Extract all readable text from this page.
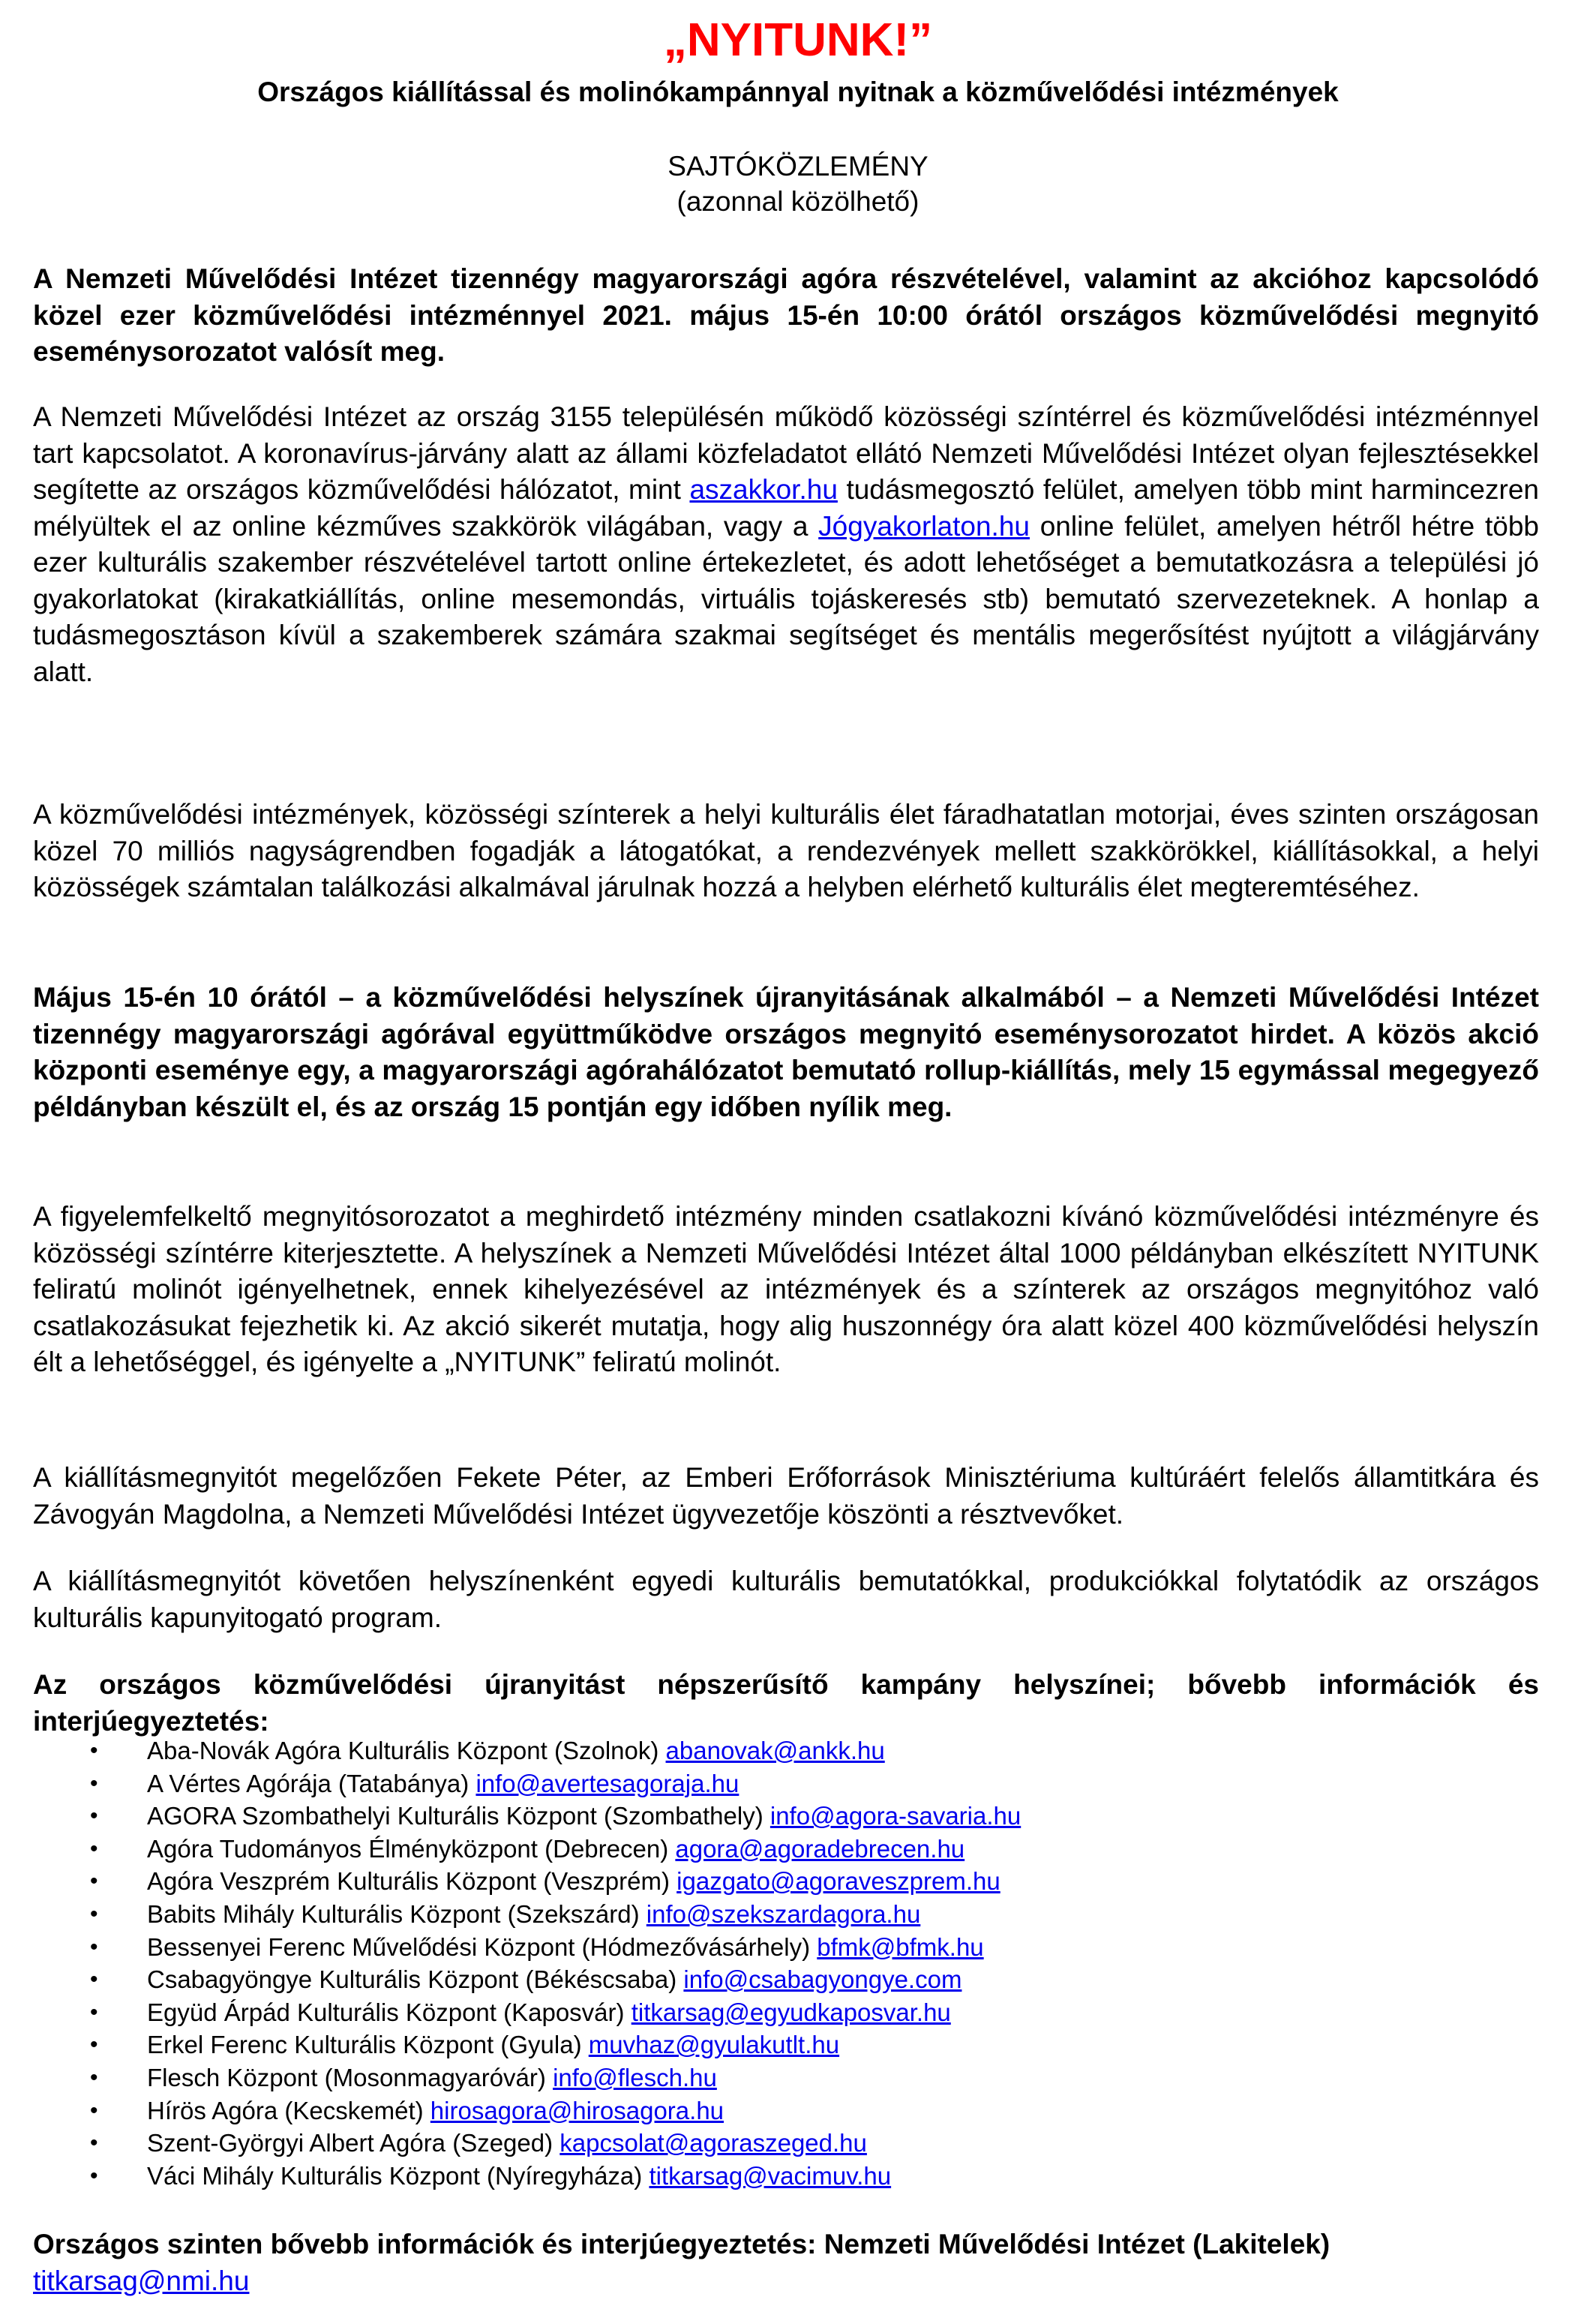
„NYITUNK!”
Országos kiállítással és molinókampánnyal nyitnak a közművelődési intézmények
SAJTÓKÖZLEMÉNY
(azonnal közölhető)

A Nemzeti Művelődési Intézet tizennégy magyarországi agóra részvételével, valamint az akcióhoz kapcsolódó közel ezer közművelődési intézménnyel 2021. május 15-én 10:00 órától országos közművelődési megnyitó eseménysorozatot valósít meg.

A Nemzeti Művelődési Intézet az ország 3155 településén működő közösségi színtérrel és közművelődési intézménnyel tart kapcsolatot. A koronavírus-járvány alatt az állami közfeladatot ellátó Nemzeti Művelődési Intézet olyan fejlesztésekkel segítette az országos közművelődési hálózatot, mint aszakkor.hu tudásmegosztó felület, amelyen több mint harmincezren mélyültek el az online kézműves szakkörök világában, vagy a Jógyakorlaton.hu online felület, amelyen hétről hétre több ezer kulturális szakember részvételével tartott online értekezletet, és adott lehetőséget a bemutatkozásra a települési jó gyakorlatokat (kirakatkiállítás, online mesemondás, virtuális tojáskeresés stb) bemutató szervezeteknek. A honlap a tudásmegosztáson kívül a szakemberek számára szakmai segítséget és mentális megerősítést nyújtott a világjárvány alatt.

A közművelődési intézmények, közösségi színterek a helyi kulturális élet fáradhatatlan motorjai, éves szinten országosan közel 70 milliós nagyságrendben fogadják a látogatókat, a rendezvények mellett szakkörökkel, kiállításokkal, a helyi közösségek számtalan találkozási alkalmával járulnak hozzá a helyben elérhető kulturális élet megteremtéséhez.

Május 15-én 10 órától – a közművelődési helyszínek újranyitásának alkalmából – a Nemzeti Művelődési Intézet tizennégy magyarországi agórával együttműködve országos megnyitó eseménysorozatot hirdet. A közös akció központi eseménye egy, a magyarországi agórahálózatot bemutató rollup-kiállítás, mely 15 egymással megegyező példányban készült el, és az ország 15 pontján egy időben nyílik meg.

A figyelemfelkeltő megnyitósorozatot a meghirdető intézmény minden csatlakozni kívánó közművelődési intézményre és közösségi színtérre kiterjesztette. A helyszínek a Nemzeti Művelődési Intézet által 1000 példányban elkészített NYITUNK feliratú molinót igényelhetnek, ennek kihelyezésével az intézmények és a színterek az országos megnyitóhoz való csatlakozásukat fejezhetik ki. Az akció sikerét mutatja, hogy alig huszonnégy óra alatt közel 400 közművelődési helyszín élt a lehetőséggel, és igényelte a „NYITUNK” feliratú molinót.

A kiállításmegnyitót megelőzően Fekete Péter, az Emberi Erőforrások Minisztériuma kultúráért felelős államtitkára és Závogyán Magdolna, a Nemzeti Művelődési Intézet ügyvezetője köszönti a résztvevőket.

A kiállításmegnyitót követően helyszínenként egyedi kulturális bemutatókkal, produkciókkal folytatódik az országos kulturális kapunyitogató program.

Az országos közművelődési újranyitást népszerűsítő kampány helyszínei; bővebb információk és interjúegyeztetés:

• Aba-Novák Agóra Kulturális Központ (Szolnok) abanovak@ankk.hu
• A Vértes Agórája (Tatabánya) info@avertesagoraja.hu
• AGORA Szombathelyi Kulturális Központ (Szombathely) info@agora-savaria.hu
• Agóra Tudományos Élményközpont (Debrecen) agora@agoradebrecen.hu
• Agóra Veszprém Kulturális Központ (Veszprém) igazgato@agoraveszprem.hu
• Babits Mihály Kulturális Központ (Szekszárd) info@szekszardagora.hu
• Bessenyei Ferenc Művelődési Központ (Hódmezővásárhely) bfmk@bfmk.hu
• Csabagyöngye Kulturális Központ (Békéscsaba) info@csabagyongye.com
• Együd Árpád Kulturális Központ (Kaposvár) titkarsag@egyudkaposvar.hu
• Erkel Ferenc Kulturális Központ (Gyula) muvhaz@gyulakutlt.hu
• Flesch Központ (Mosonmagyaróvár) info@flesch.hu
• Hírös Agóra (Kecskemét) hirosagora@hirosagora.hu
• Szent-Györgyi Albert Agóra (Szeged) kapcsolat@agoraszeged.hu
• Váci Mihály Kulturális Központ (Nyíregyháza) titkarsag@vacimuv.hu

Országos szinten bővebb információk és interjúegyeztetés: Nemzeti Művelődési Intézet (Lakitelek)
titkarsag@nmi.hu
